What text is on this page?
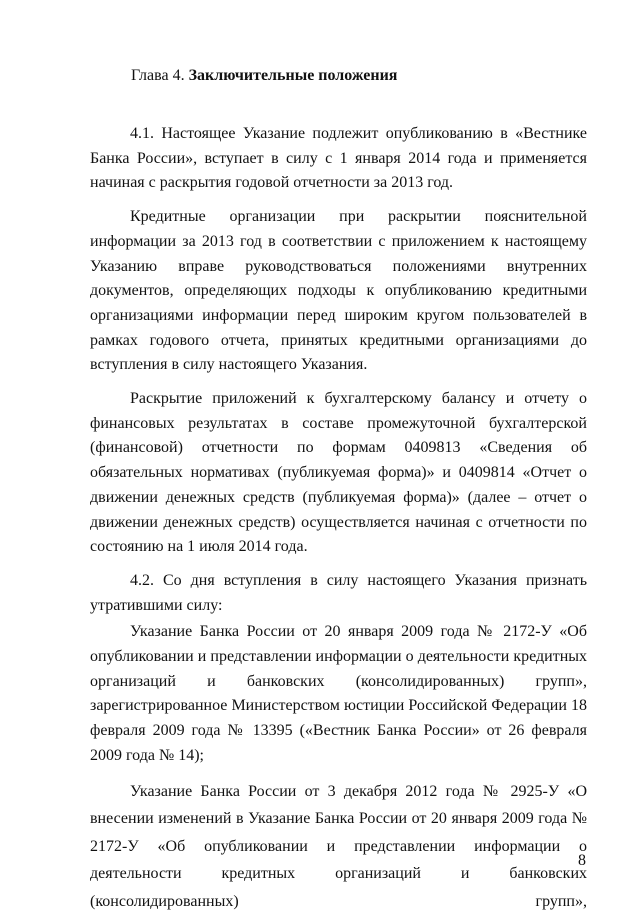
Глава 4. Заключительные положения

4.1. Настоящее Указание подлежит опубликованию в «Вестнике Банка России», вступает в силу с 1 января 2014 года и применяется начиная с раскрытия годовой отчетности за 2013 год.

Кредитные организации при раскрытии пояснительной информации за 2013 год в соответствии с приложением к настоящему Указанию вправе руководствоваться положениями внутренних документов, определяющих подходы к опубликованию кредитными организациями информации перед широким кругом пользователей в рамках годового отчета, принятых кредитными организациями до вступления в силу настоящего Указания.

Раскрытие приложений к бухгалтерскому балансу и отчету о финансовых результатах в составе промежуточной бухгалтерской (финансовой) отчетности по формам 0409813 «Сведения об обязательных нормативах (публикуемая форма)» и 0409814 «Отчет о движении денежных средств (публикуемая форма)» (далее – отчет о движении денежных средств) осуществляется начиная с отчетности по состоянию на 1 июля 2014 года.

4.2. Со дня вступления в силу настоящего Указания признать утратившими силу:

Указание Банка России от 20 января 2009 года № 2172-У «Об опубликовании и представлении информации о деятельности кредитных организаций и банковских (консолидированных) групп», зарегистрированное Министерством юстиции Российской Федерации 18 февраля 2009 года № 13395 («Вестник Банка России» от 26 февраля 2009 года № 14);

Указание Банка России от 3 декабря 2012 года № 2925-У «О внесении изменений в Указание Банка России от 20 января 2009 года № 2172-У «Об опубликовании и представлении информации о деятельности кредитных организаций и банковских (консолидированных) групп»,

8
